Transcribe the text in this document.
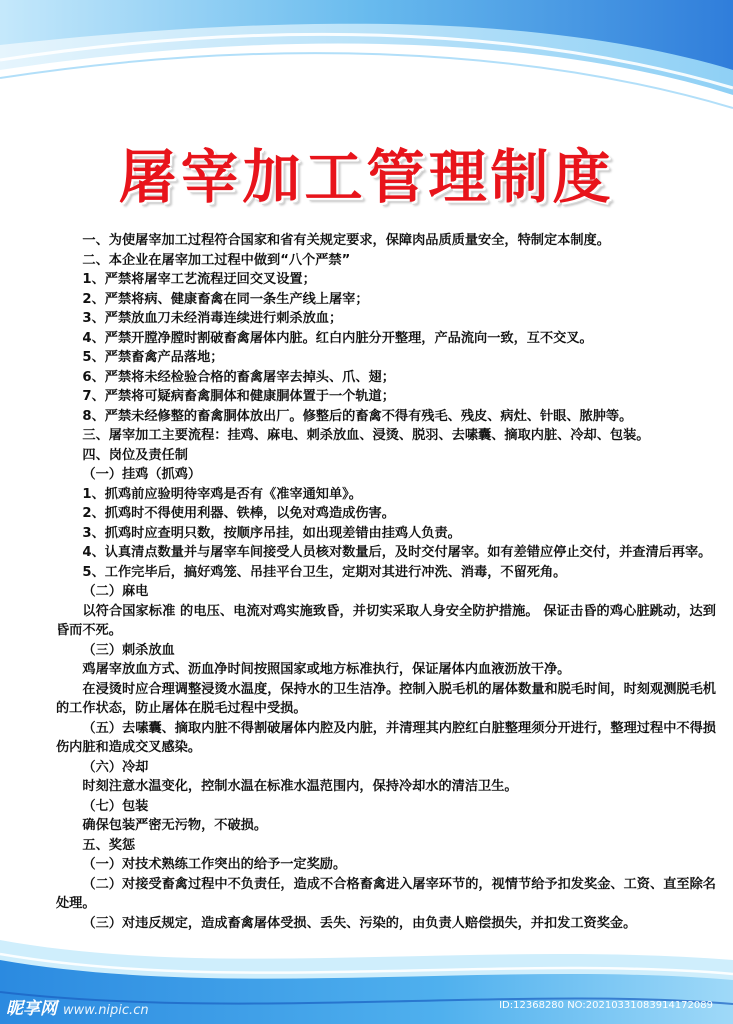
屠宰加工管理制度
一、为使屠宰加工过程符合国家和省有关规定要求，保障肉品质质量安全，特制定本制度。
二、本企业在屠宰加工过程中做到“八个严禁”
1、严禁将屠宰工艺流程迂回交叉设置；
2、严禁将病、健康畜禽在同一条生产线上屠宰；
3、严禁放血刀未经消毒连续进行刺杀放血；
4、严禁开膛净膛时割破畜禽屠体内脏。红白内脏分开整理，产品流向一致，互不交叉。
5、严禁畜禽产品落地；
6、严禁将未经检验合格的畜禽屠宰去掉头、爪、翅；
7、严禁将可疑病畜禽胴体和健康胴体置于一个轨道；
8、严禁未经修整的畜禽胴体放出厂。修整后的畜禽不得有残毛、残皮、病灶、针眼、脓肿等。
三、屠宰加工主要流程：挂鸡、麻电、刺杀放血、浸烫、脱羽、去嗉囊、摘取内脏、冷却、包装。
四、岗位及责任制
（一）挂鸡（抓鸡）
1、抓鸡前应验明待宰鸡是否有《准宰通知单》。
2、抓鸡时不得使用利器、铁棒，以免对鸡造成伤害。
3、抓鸡时应查明只数，按顺序吊挂，如出现差错由挂鸡人负责。
4、认真清点数量并与屠宰车间接受人员核对数量后，及时交付屠宰。如有差错应停止交付，并查清后再宰。
5、工作完毕后，搞好鸡笼、吊挂平台卫生，定期对其进行冲洗、消毒，不留死角。
（二）麻电
以符合国家标准 的电压、电流对鸡实施致昏，并切实采取人身安全防护措施。 保证击昏的鸡心脏跳动，达到昏而不死。
（三）刺杀放血
鸡屠宰放血方式、沥血净时间按照国家或地方标准执行，保证屠体内血液沥放干净。
在浸烫时应合理调整浸烫水温度，保持水的卫生洁净。控制入脱毛机的屠体数量和脱毛时间，时刻观测脱毛机的工作状态，防止屠体在脱毛过程中受损。
（五）去嗉囊、摘取内脏不得割破屠体内腔及内脏，并清理其内腔红白脏整理须分开进行，整理过程中不得损伤内脏和造成交叉感染。
（六）冷却
时刻注意水温变化，控制水温在标准水温范围内，保持冷却水的清洁卫生。
（七）包装
确保包装严密无污物，不破损。
五、奖惩
（一）对技术熟练工作突出的给予一定奖励。
（二）对接受畜禽过程中不负责任，造成不合格畜禽进入屠宰环节的，视情节给予扣发奖金、工资、直至除名处理。
（三）对违反规定，造成畜禽屠体受损、丢失、污染的，由负责人赔偿损失，并扣发工资奖金。
昵享网 www.nipic.cn	ID:12368280 NO:20210331083914172089
